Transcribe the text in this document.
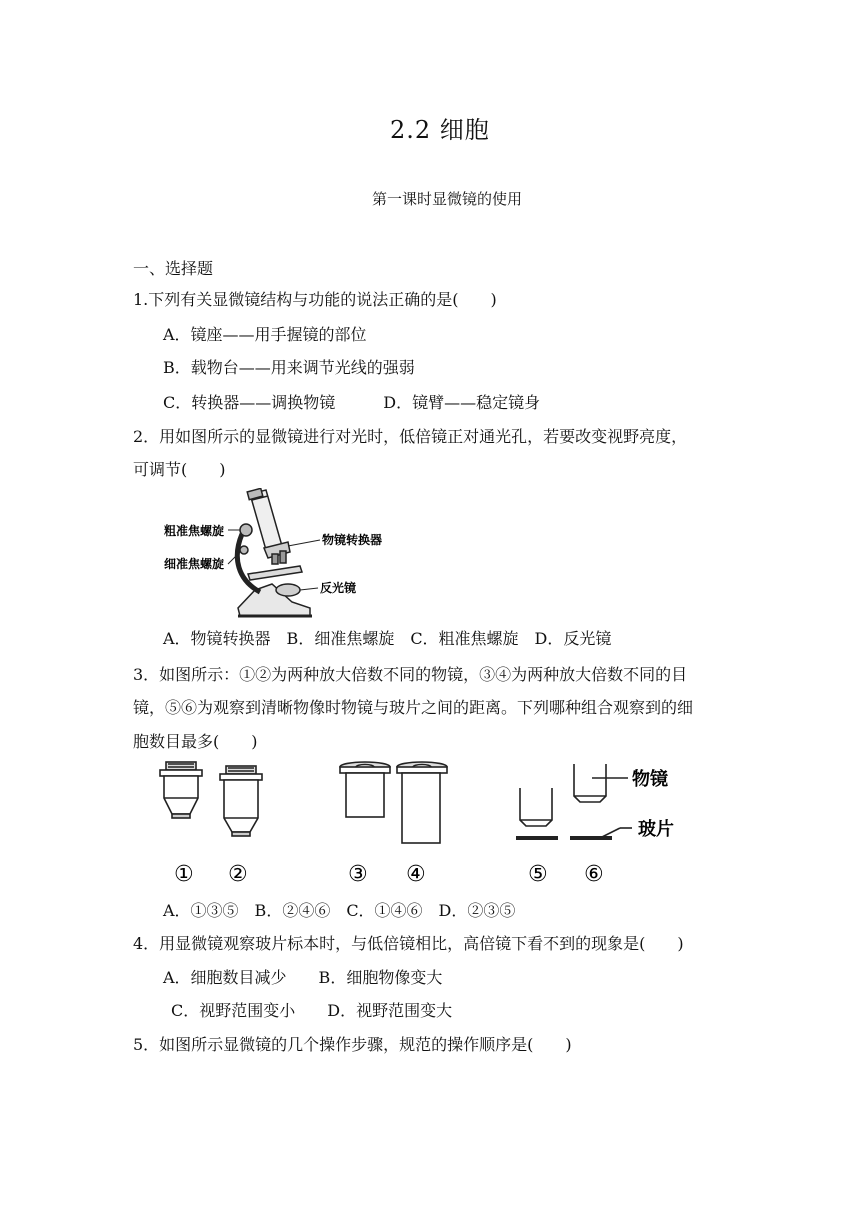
2.2 细胞
第一课时显微镜的使用
一、选择题
1.下列有关显微镜结构与功能的说法正确的是(　　)
A．镜座——用手握镜的部位
B．载物台——用来调节光线的强弱
C．转换器——调换物镜　　　D．镜臂——稳定镜身
2．用如图所示的显微镜进行对光时，低倍镜正对通光孔，若要改变视野亮度，
可调节(　　)
粗准焦螺旋
细准焦螺旋
物镜转换器
反光镜
A．物镜转换器　B．细准焦螺旋　C．粗准焦螺旋　D．反光镜
3．如图所示：①②为两种放大倍数不同的物镜，③④为两种放大倍数不同的目
镜，⑤⑥为观察到清晰物像时物镜与玻片之间的距离。下列哪种组合观察到的细
胞数目最多(　　)
物镜
玻片
① ②	③ ④	⑤ ⑥
A．①③⑤　B．②④⑥　C．①④⑥　D．②③⑤
4．用显微镜观察玻片标本时，与低倍镜相比，高倍镜下看不到的现象是(　　)
A．细胞数目减少　　B．细胞物像变大
C．视野范围变小　　D．视野范围变大
5．如图所示显微镜的几个操作步骤，规范的操作顺序是(　　)
